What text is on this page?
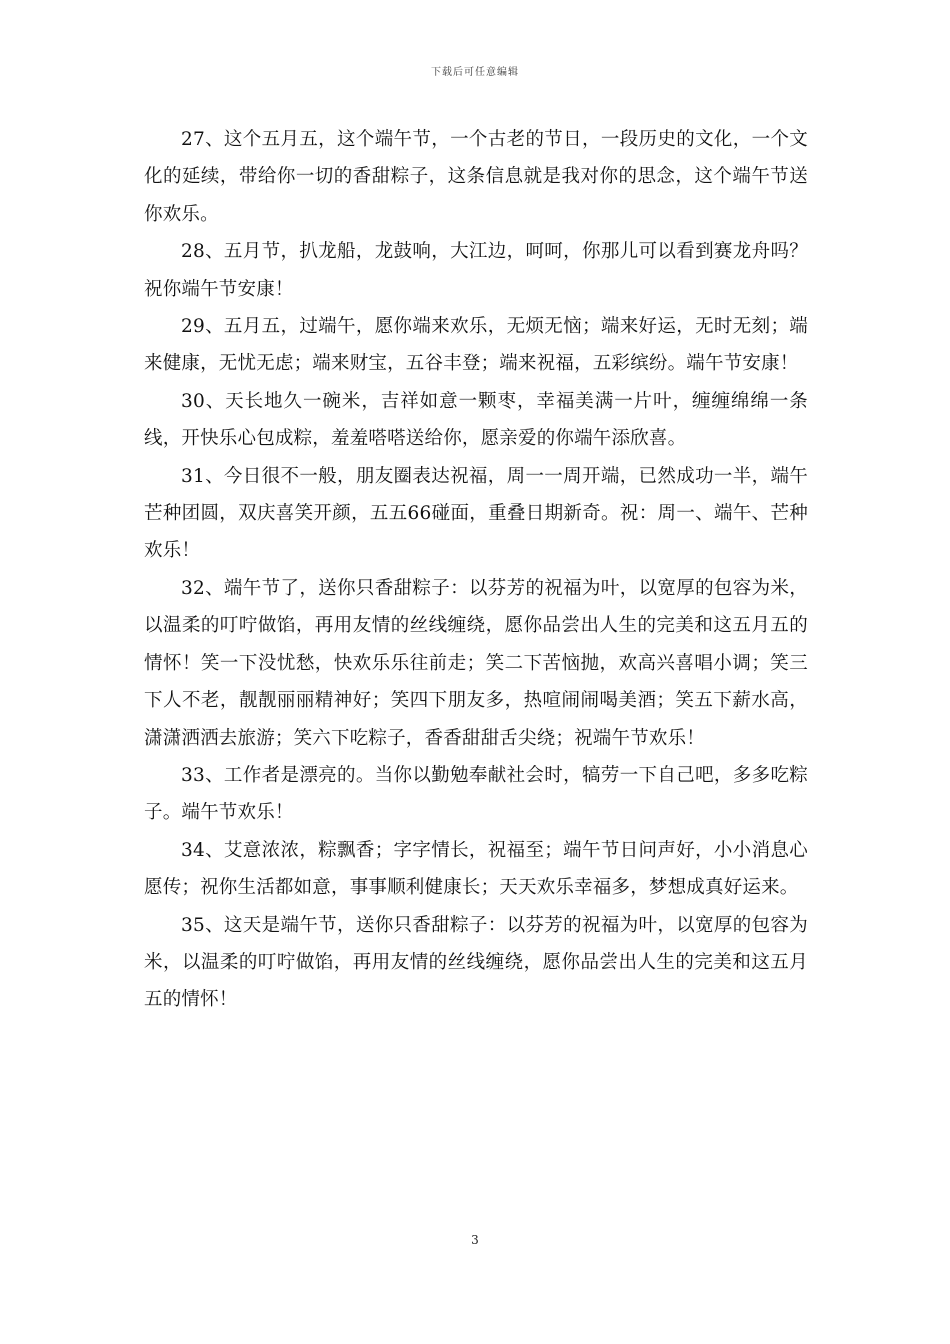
下载后可任意编辑

27、这个五月五，这个端午节，一个古老的节日，一段历史的文化，一个文化的延续，带给你一切的香甜粽子，这条信息就是我对你的思念，这个端午节送你欢乐。

28、五月节，扒龙船，龙鼓响，大江边，呵呵，你那儿可以看到赛龙舟吗？祝你端午节安康！

29、五月五，过端午，愿你端来欢乐，无烦无恼；端来好运，无时无刻；端来健康，无忧无虑；端来财宝，五谷丰登；端来祝福，五彩缤纷。端午节安康！

30、天长地久一碗米，吉祥如意一颗枣，幸福美满一片叶，缠缠绵绵一条线，开快乐心包成粽，羞羞嗒嗒送给你，愿亲爱的你端午添欣喜。

31、今日很不一般，朋友圈表达祝福，周一一周开端，已然成功一半，端午芒种团圆，双庆喜笑开颜，五五66碰面，重叠日期新奇。祝：周一、端午、芒种欢乐！

32、端午节了，送你只香甜粽子：以芬芳的祝福为叶，以宽厚的包容为米，以温柔的叮咛做馅，再用友情的丝线缠绕，愿你品尝出人生的完美和这五月五的情怀！笑一下没忧愁，快欢乐乐往前走；笑二下苦恼抛，欢高兴喜唱小调；笑三下人不老，靓靓丽丽精神好；笑四下朋友多，热喧闹闹喝美酒；笑五下薪水高，潇潇洒洒去旅游；笑六下吃粽子，香香甜甜舌尖绕；祝端午节欢乐！

33、工作者是漂亮的。当你以勤勉奉献社会时，犒劳一下自己吧，多多吃粽子。端午节欢乐！

34、艾意浓浓，粽飘香；字字情长，祝福至；端午节日问声好，小小消息心愿传；祝你生活都如意，事事顺利健康长；天天欢乐幸福多，梦想成真好运来。

35、这天是端午节，送你只香甜粽子：以芬芳的祝福为叶，以宽厚的包容为米，以温柔的叮咛做馅，再用友情的丝线缠绕，愿你品尝出人生的完美和这五月五的情怀！

3
